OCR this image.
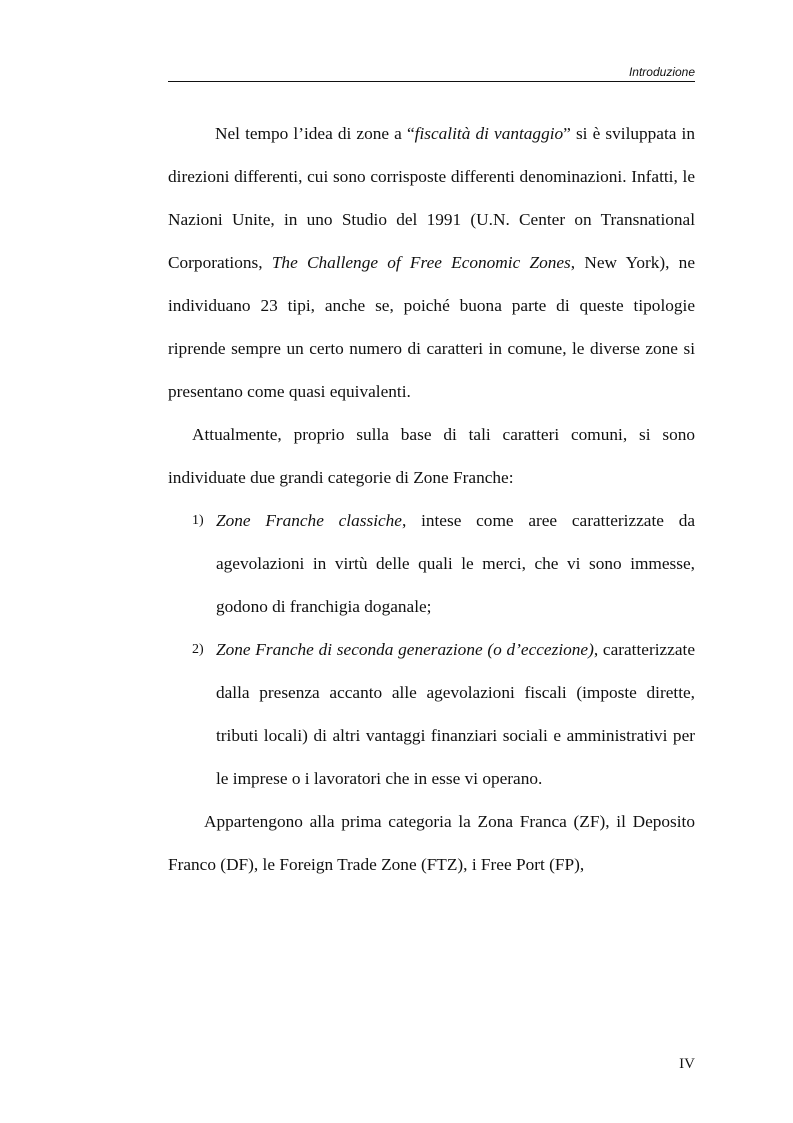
Introduzione

Nel tempo l’idea di zone a “fiscalità di vantaggio” si è sviluppata in direzioni differenti, cui sono corrisposte differenti denominazioni. Infatti, le Nazioni Unite, in uno Studio del 1991 (U.N. Center on Transnational Corporations, The Challenge of Free Economic Zones, New York), ne individuano 23 tipi, anche se, poiché buona parte di queste tipologie riprende sempre un certo numero di caratteri in comune, le diverse zone si presentano come quasi equivalenti.

Attualmente, proprio sulla base di tali caratteri comuni, si sono individuate due grandi categorie di Zone Franche:

1) Zone Franche classiche, intese come aree caratterizzate da agevolazioni in virtù delle quali le merci, che vi sono immesse, godono di franchigia doganale;

2) Zone Franche di seconda generazione (o d’eccezione), caratterizzate dalla presenza accanto alle agevolazioni fiscali (imposte dirette, tributi locali) di altri vantaggi finanziari sociali e amministrativi per le imprese o i lavoratori che in esse vi operano.

Appartengono alla prima categoria la Zona Franca (ZF), il Deposito Franco (DF), le Foreign Trade Zone (FTZ), i Free Port (FP),

IV
